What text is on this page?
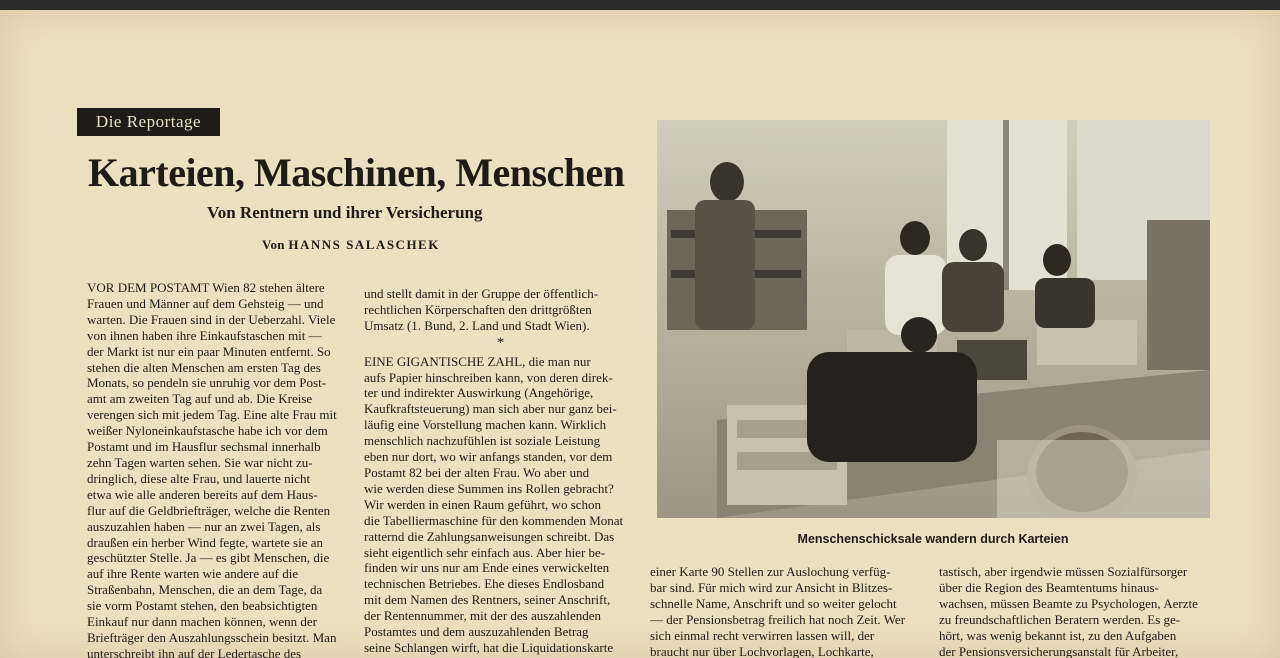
Die Reportage
Karteien, Maschinen, Menschen
Von Rentnern und ihrer Versicherung
Von HANNS SALASCHEK
VOR DEM POSTAMT Wien 82 stehen ältere
Frauen und Männer auf dem Gehsteig — und
warten. Die Frauen sind in der Ueberzahl. Viele
von ihnen haben ihre Einkaufstaschen mit —
der Markt ist nur ein paar Minuten entfernt. So
stehen die alten Menschen am ersten Tag des
Monats, so pendeln sie unruhig vor dem Post-
amt am zweiten Tag auf und ab. Die Kreise
verengen sich mit jedem Tag. Eine alte Frau mit
weißer Nyloneinkaufstasche habe ich vor dem
Postamt und im Hausflur sechsmal innerhalb
zehn Tagen warten sehen. Sie war nicht zu-
dringlich, diese alte Frau, und lauerte nicht
etwa wie alle anderen bereits auf dem Haus-
flur auf die Geldbriefträger, welche die Renten
auszuzahlen haben — nur an zwei Tagen, als
draußen ein herber Wind fegte, wartete sie an
geschützter Stelle. Ja — es gibt Menschen, die
auf ihre Rente warten wie andere auf die
Straßenbahn, Menschen, die an dem Tage, da
sie vorm Postamt stehen, den beabsichtigten
Einkauf nur dann machen können, wenn der
Briefträger den Auszahlungsschein besitzt. Man
unterschreibt ihn auf der Ledertasche des
und stellt damit in der Gruppe der öffentlich-
rechtlichen Körperschaften den drittgrößten
Umsatz (1. Bund, 2. Land und Stadt Wien).
*
EINE GIGANTISCHE ZAHL, die man nur
aufs Papier hinschreiben kann, von deren direk-
ter und indirekter Auswirkung (Angehörige,
Kaufkraftsteuerung) man sich aber nur ganz bei-
läufig eine Vorstellung machen kann. Wirklich
menschlich nachzufühlen ist soziale Leistung
eben nur dort, wo wir anfangs standen, vor dem
Postamt 82 bei der alten Frau. Wo aber und
wie werden diese Summen ins Rollen gebracht?
Wir werden in einen Raum geführt, wo schon
die Tabelliermaschine für den kommenden Monat
ratternd die Zahlungsanweisungen schreibt. Das
sieht eigentlich sehr einfach aus. Aber hier be-
finden wir uns nur am Ende eines verwickelten
technischen Betriebes. Ehe dieses Endlosband
mit dem Namen des Rentners, seiner Anschrift,
der Rentennummer, mit der des auszahlenden
Postamtes und dem auszuzahlenden Betrag
seine Schlangen wirft, hat die Liquidationskarte
Menschenschicksale wandern durch Karteien
einer Karte 90 Stellen zur Auslochung verfüg-
bar sind. Für mich wird zur Ansicht in Blitzes-
schnelle Name, Anschrift und so weiter gelocht
— der Pensionsbetrag freilich hat noch Zeit. Wer
sich einmal recht verwirren lassen will, der
braucht nur über Lochvorlagen, Lochkarte,
tastisch, aber irgendwie müssen Sozialfürsorger
über die Region des Beamtentums hinaus-
wachsen, müssen Beamte zu Psychologen, Aerzte
zu freundschaftlichen Beratern werden. Es ge-
hört, was wenig bekannt ist, zu den Aufgaben
der Pensionsversicherungsanstalt für Arbeiter,
